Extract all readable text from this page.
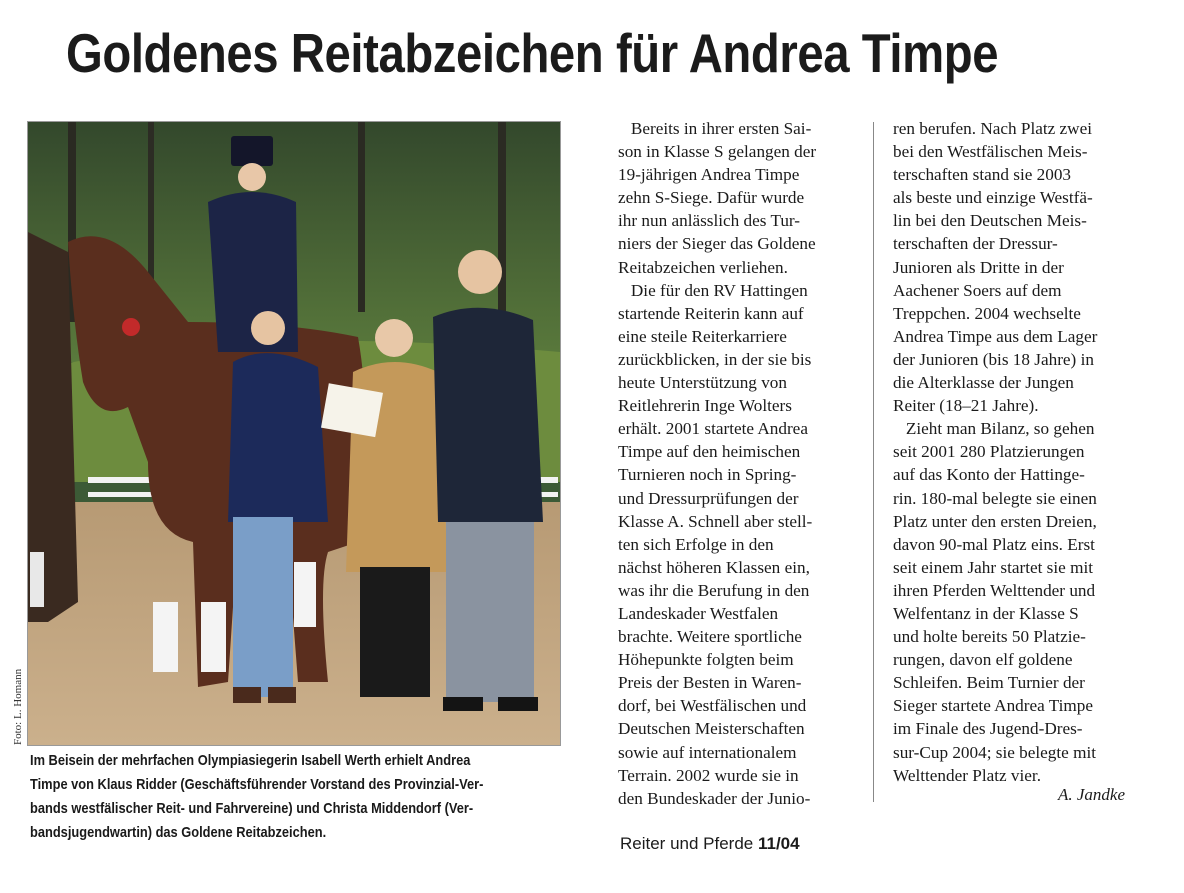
Goldenes Reitabzeichen für Andrea Timpe
Foto: L. Homann
Im Beisein der mehrfachen Olympiasiegerin Isabell Werth erhielt Andrea
Timpe von Klaus Ridder (Geschäftsführender Vorstand des Provinzial-Ver-
bands westfälischer Reit- und Fahrvereine) und Christa Middendorf (Ver-
bandsjugendwartin) das Goldene Reitabzeichen.
Bereits in ihrer ersten Sai-
son in Klasse S gelangen der
19-jährigen Andrea Timpe
zehn S-Siege. Dafür wurde
ihr nun anlässlich des Tur-
niers der Sieger das Goldene
Reitabzeichen verliehen.
Die für den RV Hattingen
startende Reiterin kann auf
eine steile Reiterkarriere
zurückblicken, in der sie bis
heute Unterstützung von
Reitlehrerin Inge Wolters
erhält. 2001 startete Andrea
Timpe auf den heimischen
Turnieren noch in Spring-
und Dressurprüfungen der
Klasse A. Schnell aber stell-
ten sich Erfolge in den
nächst höheren Klassen ein,
was ihr die Berufung in den
Landeskader Westfalen
brachte. Weitere sportliche
Höhepunkte folgten beim
Preis der Besten in Waren-
dorf, bei Westfälischen und
Deutschen Meisterschaften
sowie auf internationalem
Terrain. 2002 wurde sie in
den Bundeskader der Junio-
ren berufen. Nach Platz zwei
bei den Westfälischen Meis-
terschaften stand sie 2003
als beste und einzige Westfä-
lin bei den Deutschen Meis-
terschaften der Dressur-
Junioren als Dritte in der
Aachener Soers auf dem
Treppchen. 2004 wechselte
Andrea Timpe aus dem Lager
der Junioren (bis 18 Jahre) in
die Alterklasse der Jungen
Reiter (18–21 Jahre).
Zieht man Bilanz, so gehen
seit 2001 280 Platzierungen
auf das Konto der Hattinge-
rin. 180-mal belegte sie einen
Platz unter den ersten Dreien,
davon 90-mal Platz eins. Erst
seit einem Jahr startet sie mit
ihren Pferden Welttender und
Welfentanz in der Klasse S
und holte bereits 50 Platzie-
rungen, davon elf goldene
Schleifen. Beim Turnier der
Sieger startete Andrea Timpe
im Finale des Jugend-Dres-
sur-Cup 2004; sie belegte mit
Welttender Platz vier.
A. Jandke
Reiter und Pferde 11/04
